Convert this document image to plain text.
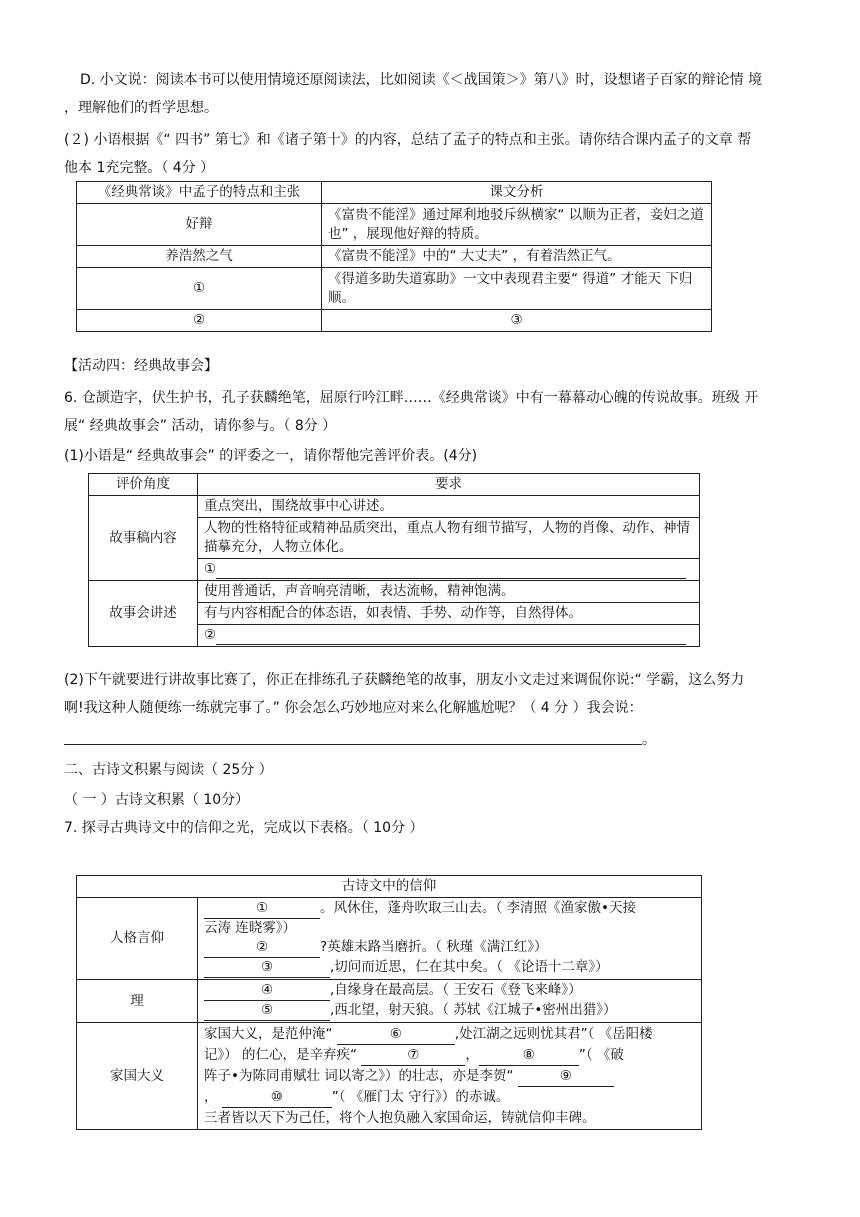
D. 小文说：阅读本书可以使用情境还原阅读法，比如阅读《＜战国策＞》第八》时，设想诸子百家的辩论情 境
，理解他们的哲学思想。
(２) 小语根据《“ 四书” 第七》和《诸子第十》的内容，总结了孟子的特点和主张。请你结合课内孟子的文章 帮
他本 1充完整。（ 4分 ）
《经典常谈》中孟子的特点和主张	课文分析
好辩	《富贵不能淫》通过犀利地驳斥纵横家“ 以顺为正者，妾妇之道也” ，展现他好辩的特质。
养浩然之气	《富贵不能淫》中的“ 大丈夫” ，有着浩然正气。
①	《得道多助失道寡助》一文中表现君主要“ 得道” 才能天 下归顺。
②	③
【活动四：经典故事会】
6. 仓颉造字，伏生护书，孔子获麟绝笔，屈原行吟江畔……《经典常谈》中有一幕幕动心魄的传说故事。班级 开
展“ 经典故事会” 活动，请你参与。（ 8分 ）
(1)小语是“ 经典故事会” 的评委之一，请你帮他完善评价表。(4分)
评价角度	要求
故事稿内容	重点突出，围绕故事中心讲述。
	人物的性格特征或精神品质突出，重点人物有细节描写，人物的肖像、动作、神情描摹充分，人物立体化。
	①
故事会讲述	使用普通话，声音响亮清晰，表达流畅，精神饱满。
	有与内容相配合的体态语，如表情、手势、动作等，自然得体。
	②
(2)下午就要进行讲故事比赛了，你正在排练孔子获麟绝笔的故事，朋友小文走过来调侃你说:“ 学霸，这么努力
啊!我这种人随便练一练就完事了。” 你会怎么巧妙地应对来么化解尴尬呢？（ 4 分 ）我会说：
。
二、古诗文积累与阅读（ 25分 ）
（ 一 ）古诗文积累（ 10分）
7. 探寻古典诗文中的信仰之光，完成以下表格。（ 10分 ）
古诗文中的信仰	
人格言仰	① 。风休住，蓬舟吹取三山去。（ 李清照《渔家傲•天接
云涛 连晓雾》）
② ?英雄末路当磨折。（ 秋瑾《满江红》）
③ ,切问而近思，仁在其中矣。（ 《论语十二章》）
理	④ ,自缘身在最高层。（ 王安石《登飞来峰》）
⑤ ,西北望，射天狼。（ 苏轼《江城子•密州出猎》）
家国大义	家国大义，是范仲淹“ ⑥ ,处江湖之远则忧其君”（ 《岳阳楼
记》） 的仁心，是辛弃疾“ ⑦ ， ⑧ ”（ 《破
阵子•为陈同甫赋壮 词以寄之》）的壮志，亦是李贺“ ⑨
， ⑩ ”（ 《雁门太 守行》）的赤诚。
三者皆以天下为己任，将个人抱负融入家国命运，铸就信仰丰碑。
